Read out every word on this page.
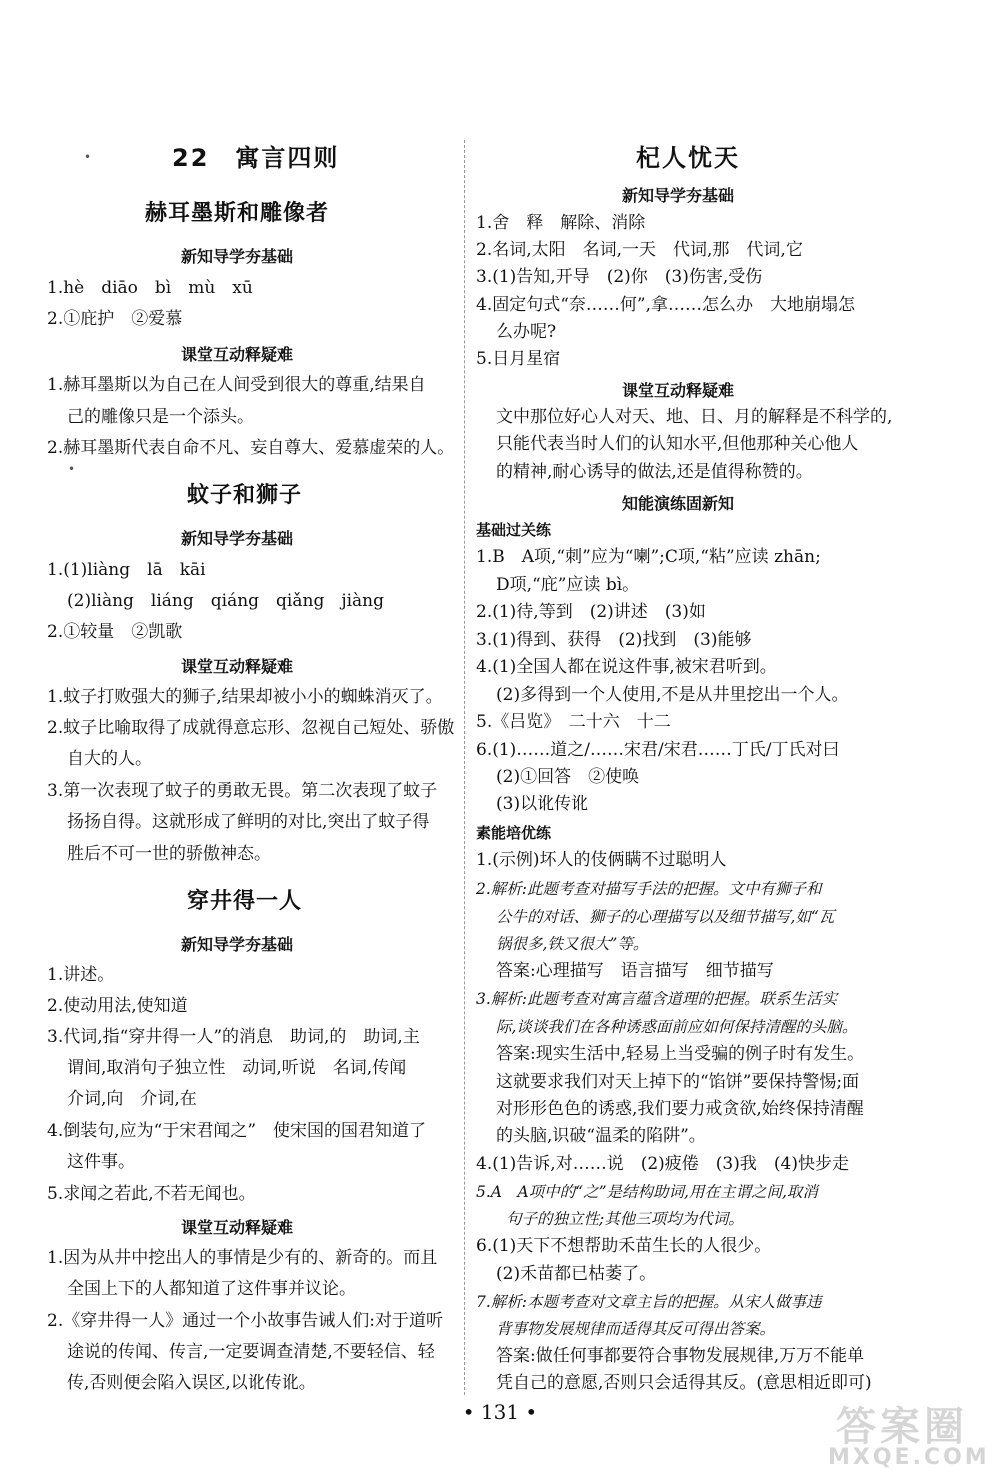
22　寓言四则
赫耳墨斯和雕像者
新知导学夯基础
1.hè　diāo　bì　mù　xū
2.①庇护　②爱慕
课堂互动释疑难
1.赫耳墨斯以为自己在人间受到很大的尊重,结果自
己的雕像只是一个添头。
2.赫耳墨斯代表自命不凡、妄自尊大、爱慕虚荣的人。
蚊子和狮子
新知导学夯基础
1.(1)liàng　lā　kāi
(2)liàng　liáng　qiáng　qiǎng　jiàng
2.①较量　②凯歌
课堂互动释疑难
1.蚊子打败强大的狮子,结果却被小小的蜘蛛消灭了。
2.蚊子比喻取得了成就得意忘形、忽视自己短处、骄傲
自大的人。
3.第一次表现了蚊子的勇敢无畏。第二次表现了蚊子
扬扬自得。这就形成了鲜明的对比,突出了蚊子得
胜后不可一世的骄傲神态。
穿井得一人
新知导学夯基础
1.讲述。
2.使动用法,使知道
3.代词,指“穿井得一人”的消息　助词,的　助词,主
谓间,取消句子独立性　动词,听说　名词,传闻
介词,向　介词,在
4.倒装句,应为“于宋君闻之”　使宋国的国君知道了
这件事。
5.求闻之若此,不若无闻也。
课堂互动释疑难
1.因为从井中挖出人的事情是少有的、新奇的。而且
全国上下的人都知道了这件事并议论。
2.《穿井得一人》通过一个小故事告诫人们:对于道听
途说的传闻、传言,一定要调查清楚,不要轻信、轻
传,否则便会陷入误区,以讹传讹。
杞人忧天
新知导学夯基础
1.舍　释　解除、消除
2.名词,太阳　名词,一天　代词,那　代词,它
3.(1)告知,开导　(2)你　(3)伤害,受伤
4.固定句式“奈……何”,拿……怎么办　大地崩塌怎
么办呢?
5.日月星宿
课堂互动释疑难
文中那位好心人对天、地、日、月的解释是不科学的,
只能代表当时人们的认知水平,但他那种关心他人
的精神,耐心诱导的做法,还是值得称赞的。
知能演练固新知
基础过关练
1.B　A项,“刺”应为“喇”;C项,“粘”应读 zhān;
D项,“庇”应读 bì。
2.(1)待,等到　(2)讲述　(3)如
3.(1)得到、获得　(2)找到　(3)能够
4.(1)全国人都在说这件事,被宋君听到。
(2)多得到一个人使用,不是从井里挖出一个人。
5.《吕览》　二十六　十二
6.(1)……道之/……宋君/宋君……丁氏/丁氏对曰
(2)①回答　②使唤
(3)以讹传讹
素能培优练
1.(示例)坏人的伎俩瞒不过聪明人
2.解析:此题考查对描写手法的把握。文中有狮子和
公牛的对话、狮子的心理描写以及细节描写,如“瓦
锅很多,铁又很大”等。
答案:心理描写　语言描写　细节描写
3.解析:此题考查对寓言蕴含道理的把握。联系生活实
际,谈谈我们在各种诱惑面前应如何保持清醒的头脑。
答案:现实生活中,轻易上当受骗的例子时有发生。
这就要求我们对天上掉下的“馅饼”要保持警惕;面
对形形色色的诱惑,我们要力戒贪欲,始终保持清醒
的头脑,识破“温柔的陷阱”。
4.(1)告诉,对……说　(2)疲倦　(3)我　(4)快步走
5.A　A项中的“之”是结构助词,用在主谓之间,取消
句子的独立性;其他三项均为代词。
6.(1)天下不想帮助禾苗生长的人很少。
(2)禾苗都已枯萎了。
7.解析:本题考查对文章主旨的把握。从宋人做事违
背事物发展规律而适得其反可得出答案。
答案:做任何事都要符合事物发展规律,万万不能单
凭自己的意愿,否则只会适得其反。(意思相近即可)
• 131 •
•
•
答案圈
MXQE.COM
